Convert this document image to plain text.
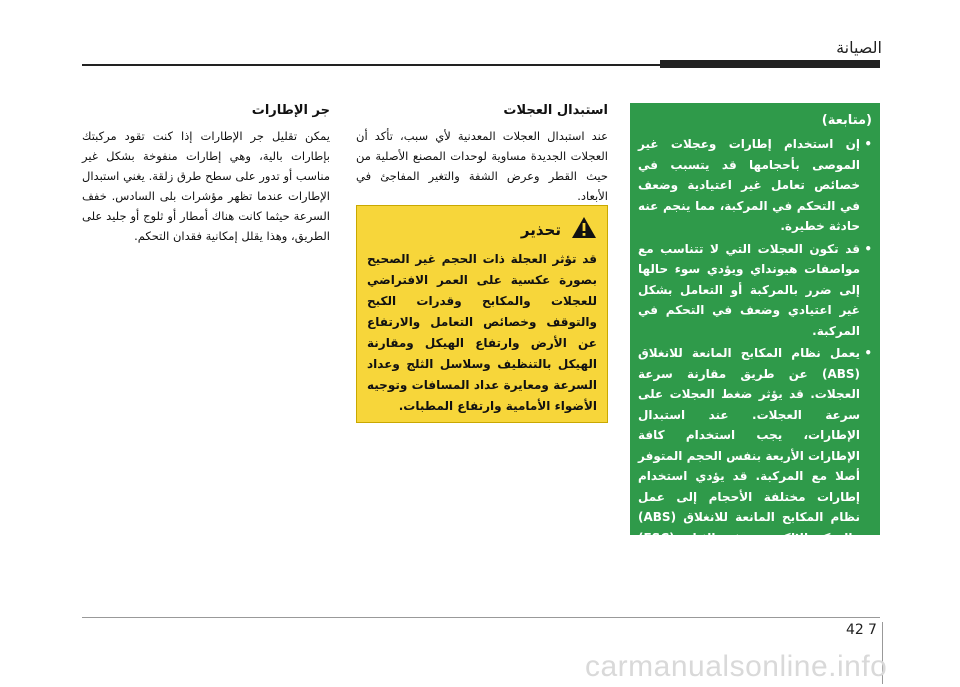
الصيانة
جر الإطارات

يمكن تقليل جر الإطارات إذا كنت تقود مركبتك بإطارات بالية، وهي إطارات منفوخة بشكل غير مناسب أو تدور على سطح طرق زلقة. يغني استبدال الإطارات عندما تظهر مؤشرات بلى السادس. خفف السرعة حيثما كانت هناك أمطار أو ثلوج أو جليد على الطريق، وهذا يقلل إمكانية فقدان التحكم.

استبدال العجلات

عند استبدال العجلات المعدنية لأي سبب، تأكد أن العجلات الجديدة مساوية لوحدات المصنع الأصلية من حيث القطر وعرض الشفة والتغير المفاجئ في الأبعاد.

تحذير

قد تؤثر العجلة ذات الحجم غير الصحيح بصورة عكسية على العمر الافتراضي للعجلات والمكابح وقدرات الكبح والتوقف وخصائص التعامل والارتفاع عن الأرض وارتفاع الهيكل ومقارنة الهيكل بالتنظيف وسلاسل الثلج وعداد السرعة ومعايرة عداد المسافات وتوجيه الأضواء الأمامية وارتفاع المطبات.

(متابعة)
•
إن استخدام إطارات وعجلات غير الموصى بأحجامها قد يتسبب في خصائص تعامل غير اعتيادية وضعف في التحكم في المركبة، مما ينجم عنه حادثة خطيرة.
•
قد تكون العجلات التي لا تتناسب مع مواصفات هيونداي ويؤدي سوء حالها إلى ضرر بالمركبة أو التعامل بشكل غير اعتيادي وضعف في التحكم في المركبة.
•
يعمل نظام المكابح المانعة للانغلاق (ABS) عن طريق مقارنة سرعة العجلات. قد يؤثر ضغط العجلات على سرعة العجلات. عند استبدال الإطارات، يجب استخدام كافة الإطارات الأربعة بنفس الحجم المتوفر أصلا مع المركبة. قد يؤدي استخدام إطارات مختلفة الأحجام إلى عمل نظام المكابح المانعة للانغلاق (ABS) والتحكم الإلكتروني في الثبات (ESC) (إن وجد) بصورة غير منتظمة.
7
42
carmanualsonline.info
